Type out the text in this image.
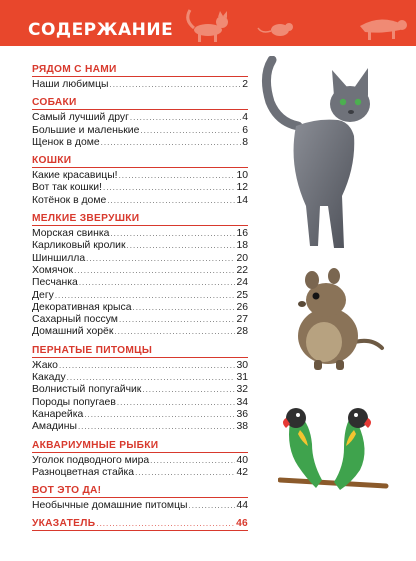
СОДЕРЖАНИЕ
РЯДОМ С НАМИ
Наши любимцы .....	2
СОБАКИ
Самый лучший друг .....	4
Большие и маленькие .....	6
Щенок в доме .....	8
КОШКИ
Какие красавицы! .....	10
Вот так кошки! .....	12
Котёнок в доме .....	14
МЕЛКИЕ ЗВЕРУШКИ
Морская свинка .....	16
Карликовый кролик .....	18
Шиншилла .....	20
Хомячок .....	22
Песчанка .....	24
Дегу .....	25
Декоративная крыса .....	26
Сахарный поссум .....	27
Домашний хорёк .....	28
ПЕРНАТЫЕ ПИТОМЦЫ
Жако .....	30
Какаду .....	31
Волнистый попугайчик .....	32
Породы попугаев .....	34
Канарейка .....	36
Амадины .....	38
АКВАРИУМНЫЕ РЫБКИ
Уголок подводного мира .....	40
Разноцветная стайка .....	42
ВОТ ЭТО ДА!
Необычные домашние питомцы .....	44
УКАЗАТЕЛЬ .....	46
